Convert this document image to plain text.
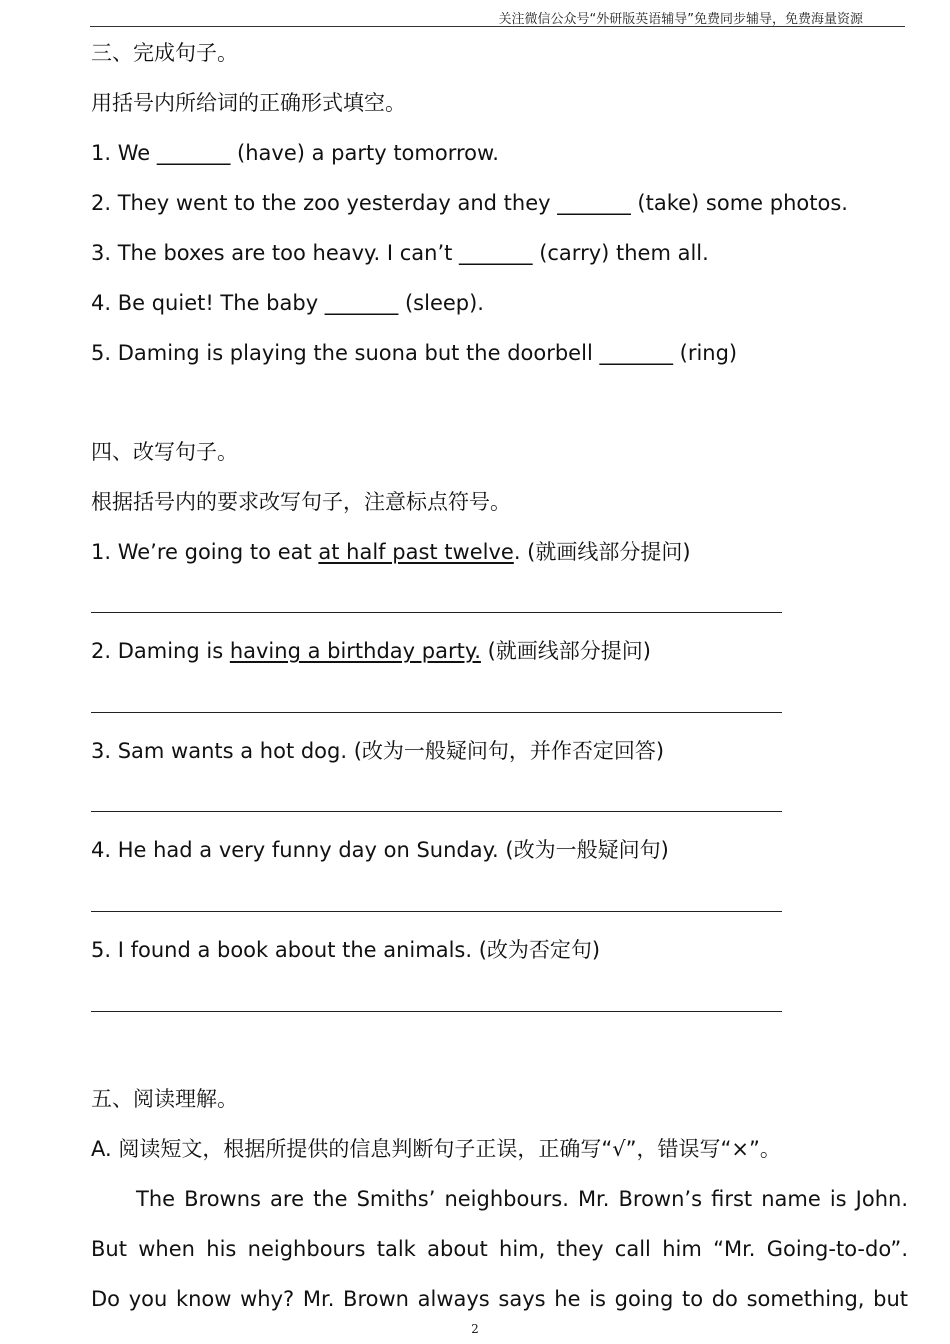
关注微信公众号“外研版英语辅导”免费同步辅导，免费海量资源
三、完成句子。
用括号内所给词的正确形式填空。
1. We _______ (have) a party tomorrow.
2. They went to the zoo yesterday and they _______ (take) some photos.
3. The boxes are too heavy. I can’t _______ (carry) them all.
4. Be quiet! The baby _______ (sleep).
5. Daming is playing the suona but the doorbell _______ (ring)
四、改写句子。
根据括号内的要求改写句子，注意标点符号。
1. We’re going to eat at half past twelve. (就画线部分提问)
2. Daming is having a birthday party. (就画线部分提问)
3. Sam wants a hot dog. (改为一般疑问句，并作否定回答)
4. He had a very funny day on Sunday. (改为一般疑问句)
5. I found a book about the animals. (改为否定句)
五、阅读理解。
A. 阅读短文，根据所提供的信息判断句子正误，正确写“√”，错误写“×”。
The Browns are the Smiths’ neighbours. Mr. Brown’s first name is John.
But when his neighbours talk about him, they call him “Mr. Going-to-do”.
Do you know why? Mr. Brown always says he is going to do something, but
2
